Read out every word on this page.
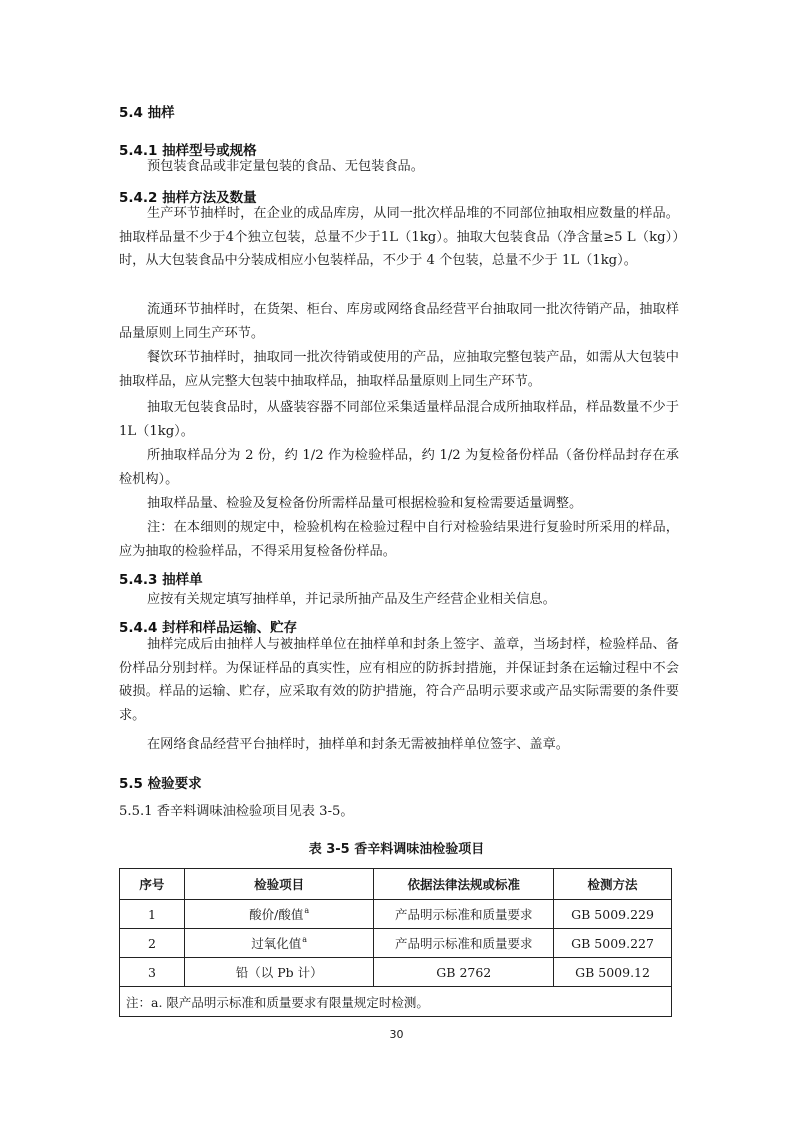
5.4 抽样
5.4.1 抽样型号或规格
预包装食品或非定量包装的食品、无包装食品。
5.4.2 抽样方法及数量
生产环节抽样时，在企业的成品库房，从同一批次样品堆的不同部位抽取相应数量的样品。抽取样品量不少于4个独立包装，总量不少于1L（1kg）。抽取大包装食品（净含量≥5 L（kg））时，从大包装食品中分装成相应小包装样品，不少于 4 个包装，总量不少于 1L（1kg）。
流通环节抽样时，在货架、柜台、库房或网络食品经营平台抽取同一批次待销产品，抽取样品量原则上同生产环节。
餐饮环节抽样时，抽取同一批次待销或使用的产品，应抽取完整包装产品，如需从大包装中抽取样品，应从完整大包装中抽取样品，抽取样品量原则上同生产环节。
抽取无包装食品时，从盛装容器不同部位采集适量样品混合成所抽取样品，样品数量不少于1L（1kg）。
所抽取样品分为 2 份，约 1/2 作为检验样品，约 1/2 为复检备份样品（备份样品封存在承检机构）。
抽取样品量、检验及复检备份所需样品量可根据检验和复检需要适量调整。
注：在本细则的规定中，检验机构在检验过程中自行对检验结果进行复验时所采用的样品，应为抽取的检验样品，不得采用复检备份样品。
5.4.3 抽样单
应按有关规定填写抽样单，并记录所抽产品及生产经营企业相关信息。
5.4.4 封样和样品运输、贮存
抽样完成后由抽样人与被抽样单位在抽样单和封条上签字、盖章，当场封样，检验样品、备份样品分别封样。为保证样品的真实性，应有相应的防拆封措施，并保证封条在运输过程中不会破损。样品的运输、贮存，应采取有效的防护措施，符合产品明示要求或产品实际需要的条件要求。
在网络食品经营平台抽样时，抽样单和封条无需被抽样单位签字、盖章。
5.5 检验要求
5.5.1 香辛料调味油检验项目见表 3-5。
表 3-5 香辛料调味油检验项目
序号	检验项目	依据法律法规或标准	检测方法
1	酸价/酸值$^a$	产品明示标准和质量要求	GB 5009.229
2	过氧化值$^a$	产品明示标准和质量要求	GB 5009.227
3	铅（以 Pb 计）	GB 2762	GB 5009.12
注：a. 限产品明示标准和质量要求有限量规定时检测。			
30
